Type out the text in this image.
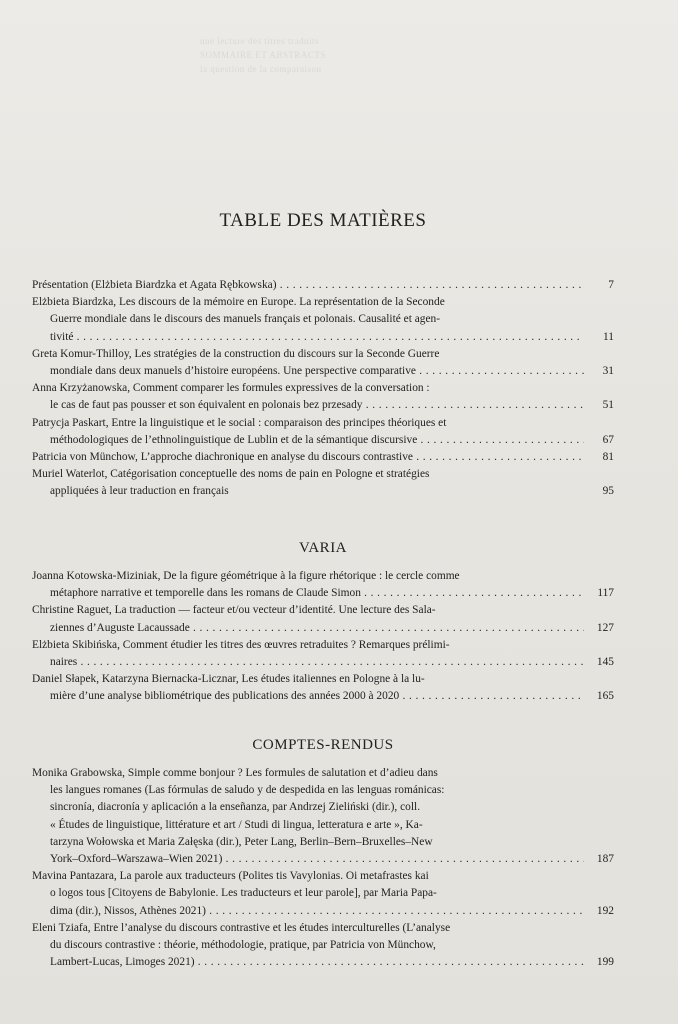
une lecture des titres traduits
SOMMAIRE ET ABSTRACTS
la question de la comparaison
TABLE DES MATIÈRES
Présentation (Elżbieta Biardzka et Agata Rębkowska) . . .	7
Elżbieta Biardzka, Les discours de la mémoire en Europe. La représentation de la Seconde
Guerre mondiale dans le discours des manuels français et polonais. Causalité et agen-
tivité . . .	11
Greta Komur-Thilloy, Les stratégies de la construction du discours sur la Seconde Guerre
mondiale dans deux manuels d’histoire européens. Une perspective comparative . . .	31
Anna Krzyżanowska, Comment comparer les formules expressives de la conversation :
le cas de faut pas pousser et son équivalent en polonais bez przesady . . .	51
Patrycja Paskart, Entre la linguistique et le social : comparaison des principes théoriques et
méthodologiques de l’ethnolinguistique de Lublin et de la sémantique discursive . . .	67
Patricia von Münchow, L’approche diachronique en analyse du discours contrastive . . .	81
Muriel Waterlot, Catégorisation conceptuelle des noms de pain en Pologne et stratégies
appliquées à leur traduction en français	95
VARIA
Joanna Kotowska-Miziniak, De la figure géométrique à la figure rhétorique : le cercle comme
métaphore narrative et temporelle dans les romans de Claude Simon . . .	117
Christine Raguet, La traduction — facteur et/ou vecteur d’identité. Une lecture des Sala-
ziennes d’Auguste Lacaussade . . .	127
Elżbieta Skibińska, Comment étudier les titres des œuvres retraduites ? Remarques prélimi-
naires . . .	145
Daniel Słapek, Katarzyna Biernacka-Licznar, Les études italiennes en Pologne à la lu-
mière d’une analyse bibliométrique des publications des années 2000 à 2020 . . .	165
COMPTES-RENDUS
Monika Grabowska, Simple comme bonjour ? Les formules de salutation et d’adieu dans
les langues romanes (Las fórmulas de saludo y de despedida en las lenguas románicas:
sincronía, diacronía y aplicación a la enseñanza, par Andrzej Zieliński (dir.), coll.
« Études de linguistique, littérature et art / Studi di lingua, letteratura e arte », Ka-
tarzyna Wołowska et Maria Załęska (dir.), Peter Lang, Berlin–Bern–Bruxelles–New
York–Oxford–Warszawa–Wien 2021) . . .	187
Mavina Pantazara, La parole aux traducteurs (Polites tis Vavylonias. Oi metafrastes kai
o logos tous [Citoyens de Babylonie. Les traducteurs et leur parole], par Maria Papa-
dima (dir.), Nissos, Athènes 2021) . . .	192
Eleni Tziafa, Entre l’analyse du discours contrastive et les études interculturelles (L’analyse
du discours contrastive : théorie, méthodologie, pratique, par Patricia von Münchow,
Lambert-Lucas, Limoges 2021) . . .	199
